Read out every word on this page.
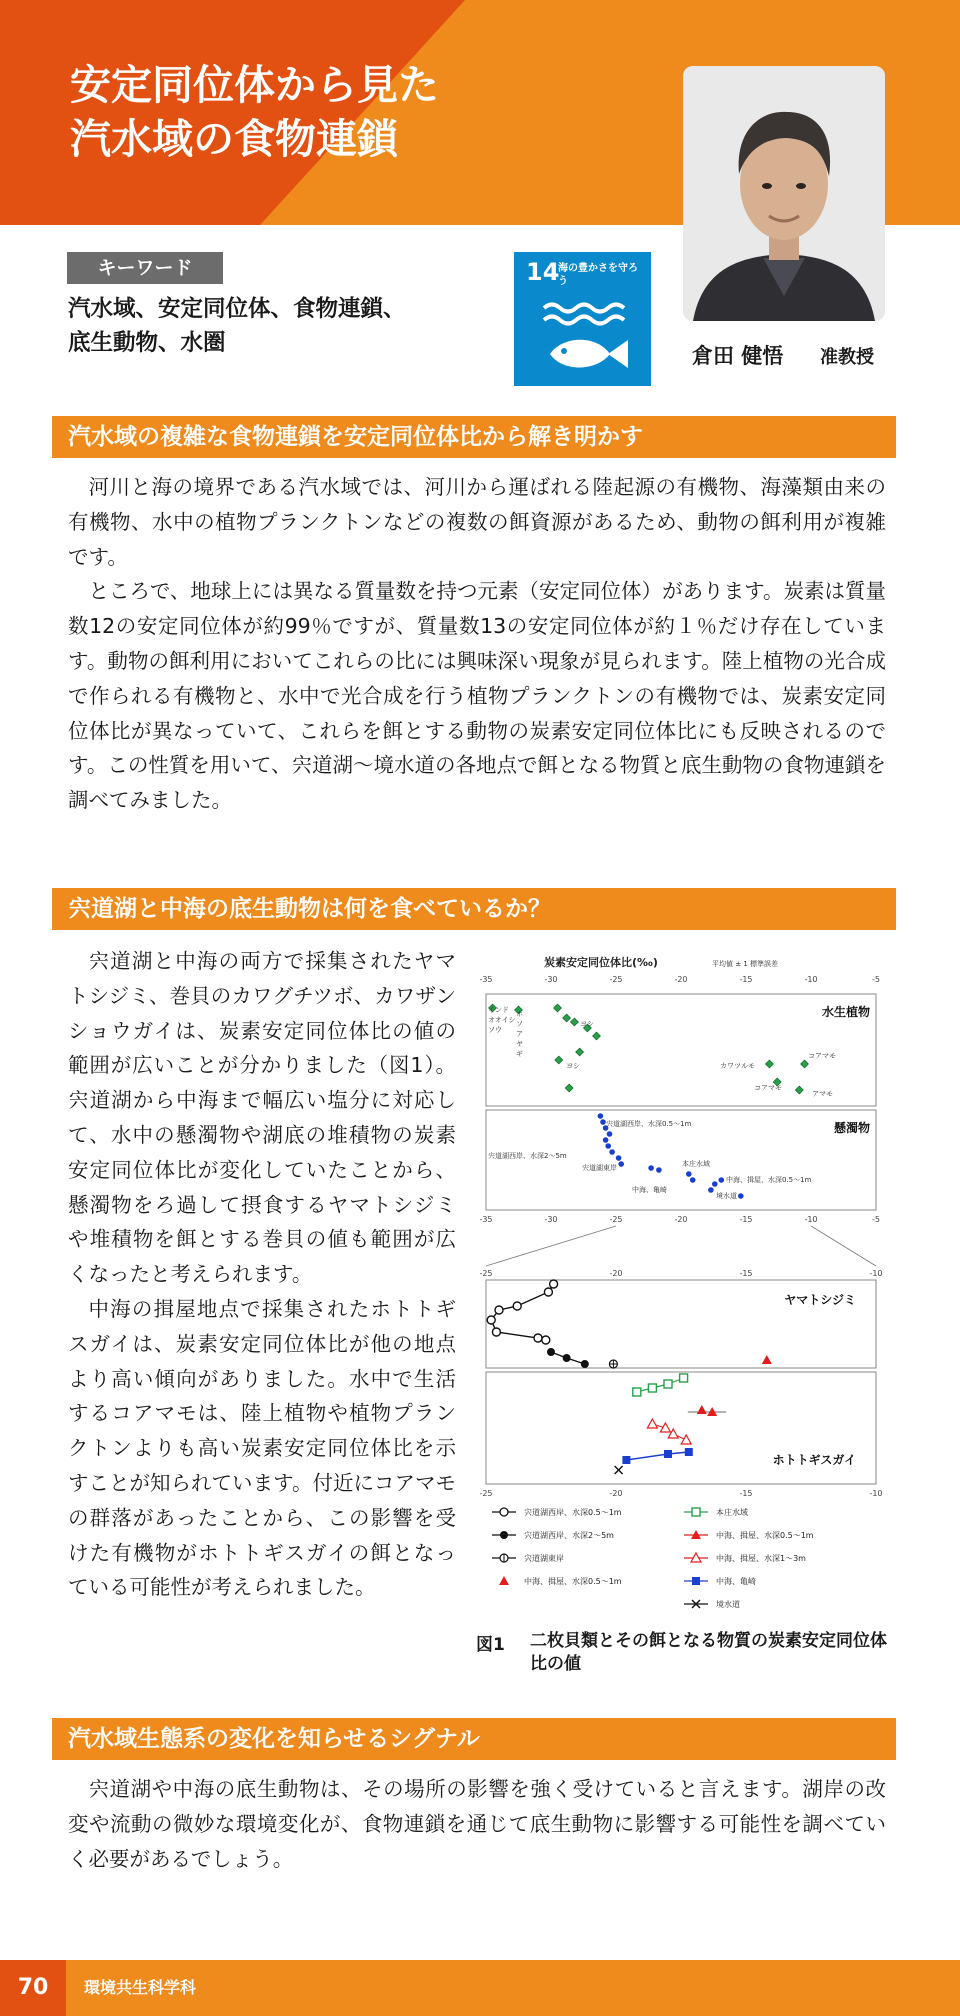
安定同位体から見た
汽水域の食物連鎖
倉田 健悟 准教授
キーワード
汽水域、安定同位体、食物連鎖、
底生動物、水圏
14
海の豊かさを守ろう
汽水域の複雑な食物連鎖を安定同位体比から解き明かす

河川と海の境界である汽水域では、河川から運ばれる陸起源の有機物、海藻類由来の有機物、水中の植物プランクトンなどの複数の餌資源があるため、動物の餌利用が複雑です。

ところで、地球上には異なる質量数を持つ元素（安定同位体）があります。炭素は質量数12の安定同位体が約99％ですが、質量数13の安定同位体が約１％だけ存在しています。動物の餌利用においてこれらの比には興味深い現象が見られます。陸上植物の光合成で作られる有機物と、水中で光合成を行う植物プランクトンの有機物では、炭素安定同位体比が異なっていて、これらを餌とする動物の炭素安定同位体比にも反映されるのです。この性質を用いて、宍道湖～境水道の各地点で餌となる物質と底生動物の食物連鎖を調べてみました。

宍道湖と中海の底生動物は何を食べているか？

宍道湖と中海の両方で採集されたヤマトシジミ、巻貝のカワグチツボ、カワザンショウガイは、炭素安定同位体比の値の範囲が広いことが分かりました（図1）。宍道湖から中海まで幅広い塩分に対応して、水中の懸濁物や湖底の堆積物の炭素安定同位体比が変化していたことから、懸濁物をろ過して摂食するヤマトシジミや堆積物を餌とする巻貝の値も範囲が広くなったと考えられます。

中海の揖屋地点で採集されたホトトギスガイは、炭素安定同位体比が他の地点より高い傾向がありました。水中で生活するコアマモは、陸上植物や植物プランクトンよりも高い炭素安定同位体比を示すことが知られています。付近にコアマモの群落があったことから、この影響を受けた有機物がホトトギスガイの餌となっている可能性が考えられました。

炭素安定同位体比(‰)	平均値 ± 1 標準誤差
-35	-30	-25	-20	-15	-10	-5
水生植物
インド
オオイシ
ソウ
ホ
ソ
ア
ヤ
ギ
ヨシ
ヨシ	カワツルモ
コアマモ
コアマモ
アマモ
懸濁物
宍道湖西岸、水深0.5～1m
宍道湖西岸、水深2～5m
宍道湖東岸	本庄水域
中海、揖屋、水深0.5～1m
中海、亀崎
境水道
-35	-30	-25	-20	-15	-10	-5
-25	-20	-15	-10
ヤマトシジミ
ホトトギスガイ
-25	-20	-15	-10
宍道湖西岸、水深0.5～1m	本庄水域
宍道湖西岸、水深2～5m	中海、揖屋、水深0.5～1m
宍道湖東岸	中海、揖屋、水深1～3m
中海、揖屋、水深0.5～1m	中海、亀崎
境水道
図1 二枚貝類とその餌となる物質の炭素安定同位体比の値
汽水域生態系の変化を知らせるシグナル

宍道湖や中海の底生動物は、その場所の影響を強く受けていると言えます。湖岸の改変や流動の微妙な環境変化が、食物連鎖を通じて底生動物に影響する可能性を調べていく必要があるでしょう。

70	環境共生科学科
